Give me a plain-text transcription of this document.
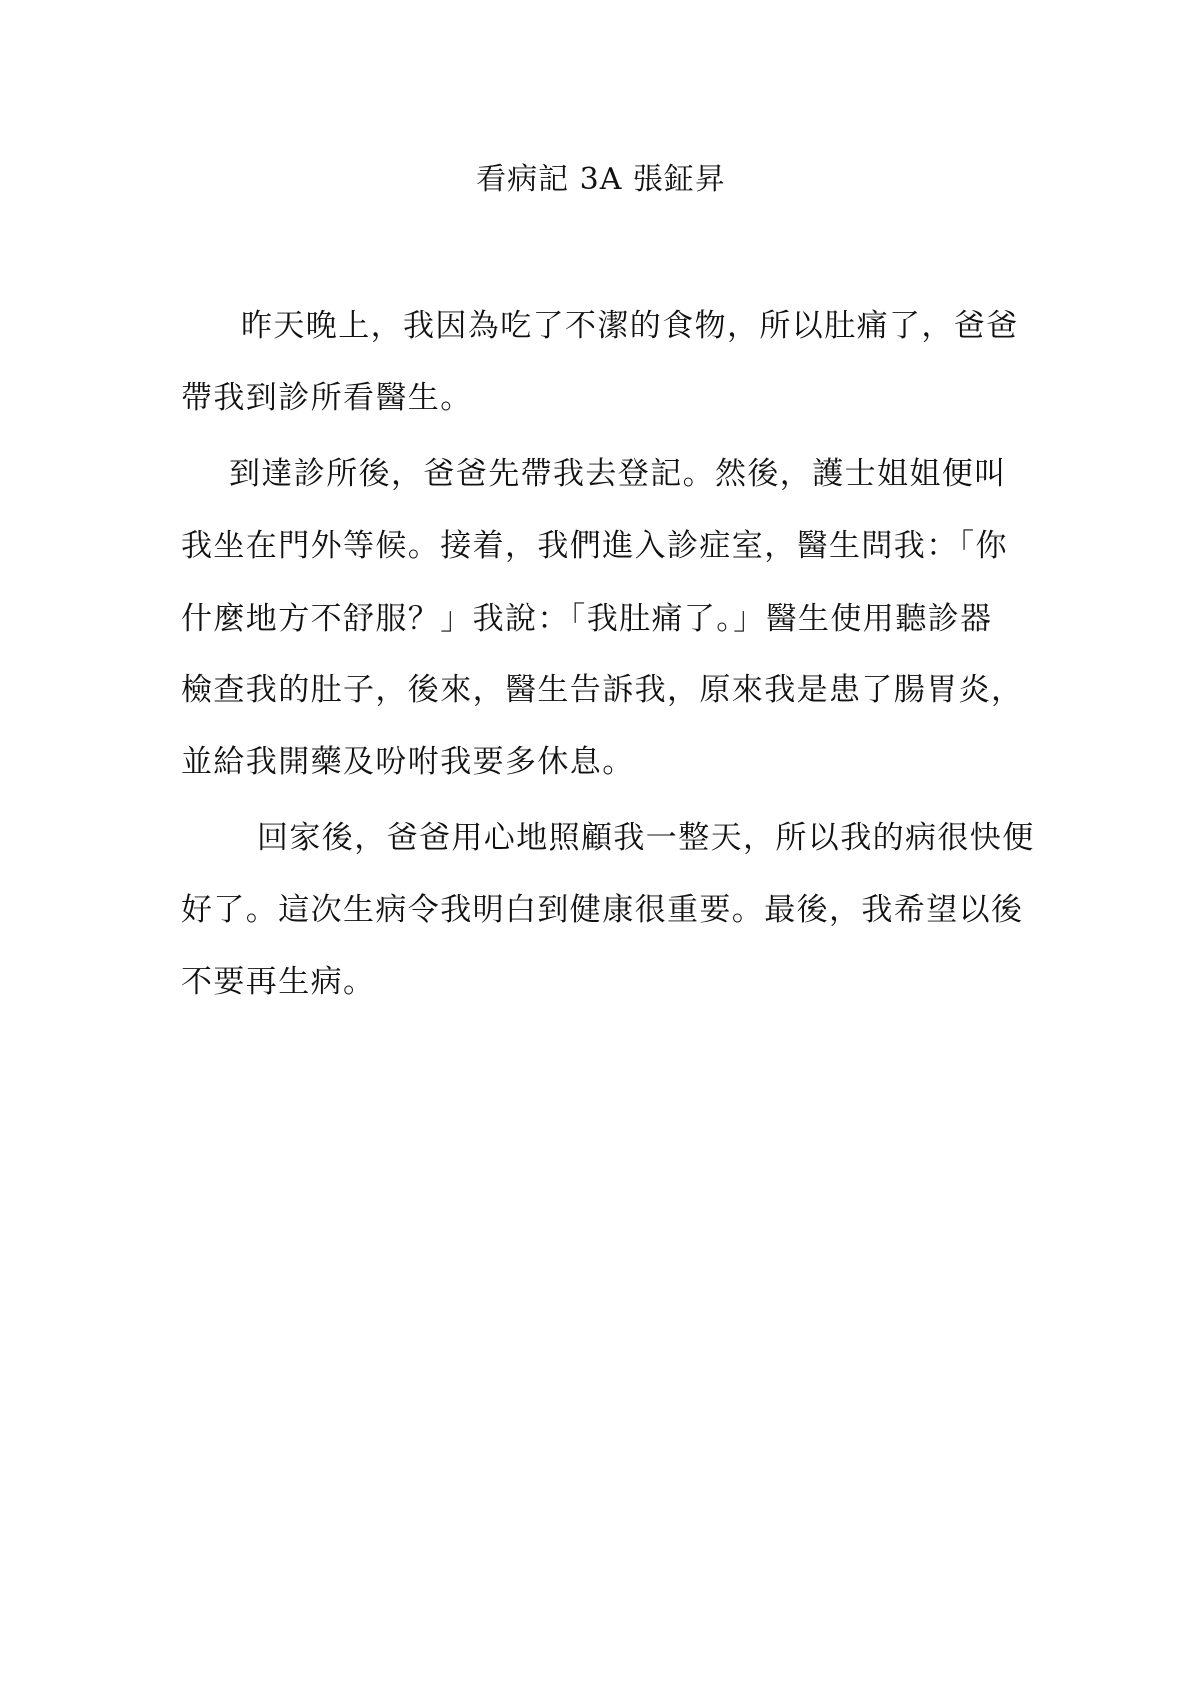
看病記 3A 張鉦昇
昨天晚上，我因為吃了不潔的食物，所以肚痛了，爸爸
帶我到診所看醫生。
到達診所後，爸爸先帶我去登記。然後，護士姐姐便叫
我坐在門外等候。接着，我們進入診症室，醫生問我：「你
什麼地方不舒服？」我說：「我肚痛了。」醫生使用聽診器
檢查我的肚子，後來，醫生告訴我，原來我是患了腸胃炎，
並給我開藥及吩咐我要多休息。
回家後，爸爸用心地照顧我一整天，所以我的病很快便
好了。這次生病令我明白到健康很重要。最後，我希望以後
不要再生病。
